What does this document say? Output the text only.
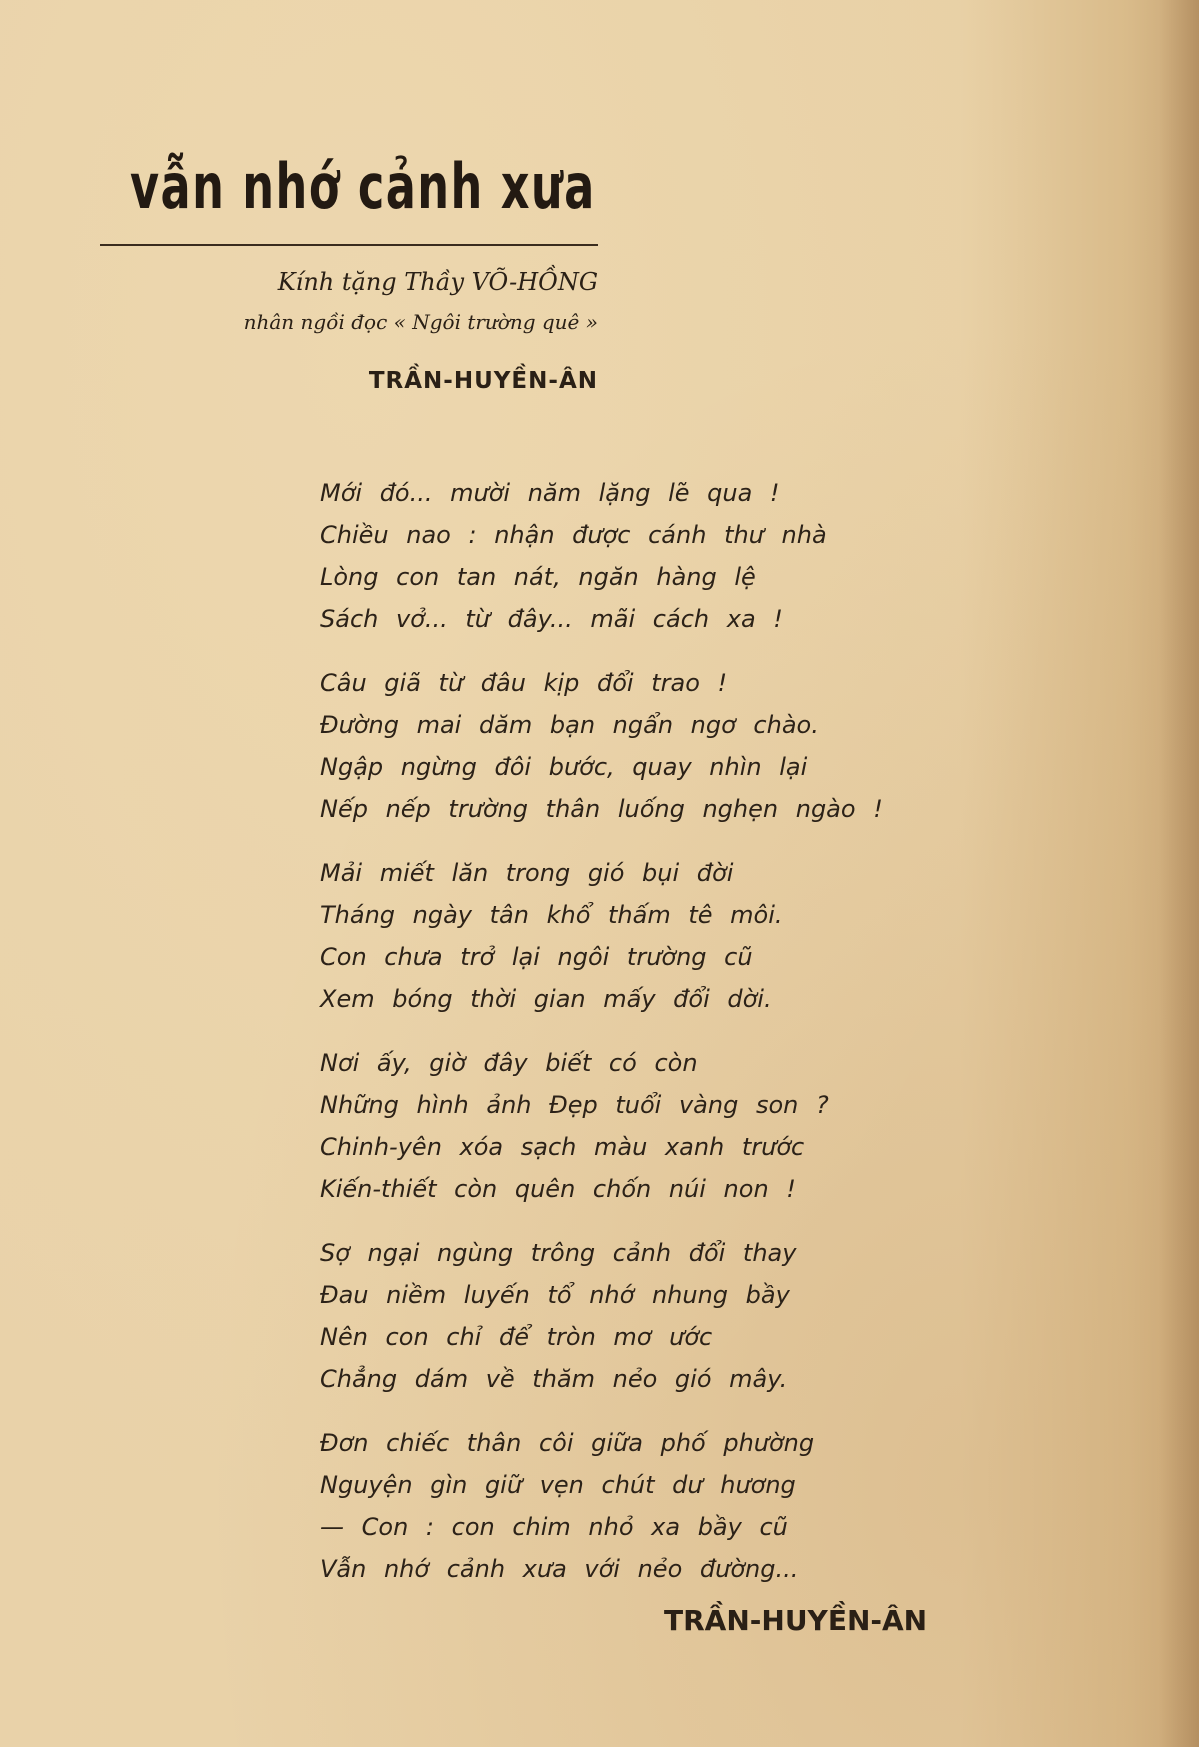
vẫn nhớ cảnh xưa
Kính tặng Thầy VÕ-HỒNG
nhân ngồi đọc « Ngôi trường quê »
TRẦN-HUYỀN-ÂN
Mới đó... mười năm lặng lẽ qua !
Chiều nao : nhận được cánh thư nhà
Lòng con tan nát, ngăn hàng lệ
Sách vở... từ đây... mãi cách xa !
Câu giã từ đâu kịp đổi trao !
Đường mai dăm bạn ngẩn ngơ chào.
Ngập ngừng đôi bước, quay nhìn lại
Nếp nếp trường thân luống nghẹn ngào !
Mải miết lăn trong gió bụi đời
Tháng ngày tân khổ thấm tê môi.
Con chưa trở lại ngôi trường cũ
Xem bóng thời gian mấy đổi dời.
Nơi ấy, giờ đây biết có còn
Những hình ảnh Đẹp tuổi vàng son ?
Chinh-yên xóa sạch màu xanh trước
Kiến-thiết còn quên chốn núi non !
Sợ ngại ngùng trông cảnh đổi thay
Đau niềm luyến tổ nhớ nhung bầy
Nên con chỉ để tròn mơ ước
Chẳng dám về thăm nẻo gió mây.
Đơn chiếc thân côi giữa phố phường
Nguyện gìn giữ vẹn chút dư hương
— Con : con chim nhỏ xa bầy cũ
Vẫn nhớ cảnh xưa với nẻo đường...
TRẦN-HUYỀN-ÂN
